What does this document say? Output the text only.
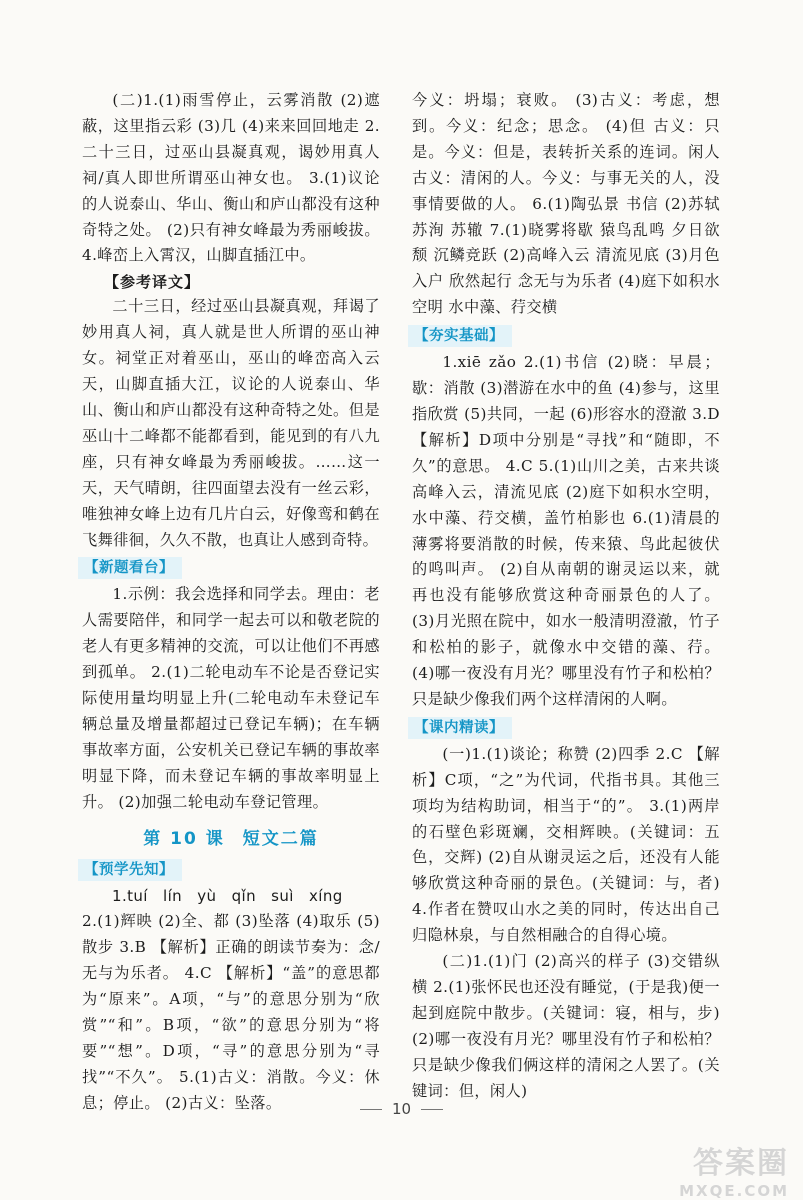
(二)1.(1)雨雪停止，云雾消散 (2)遮蔽，这里指云彩 (3)几 (4)来来回回地走 2.二十三日，过巫山县凝真观，谒妙用真人祠/真人即世所谓巫山神女也。 3.(1)议论的人说泰山、华山、衡山和庐山都没有这种奇特之处。 (2)只有神女峰最为秀丽峻拔。 4.峰峦上入霄汉，山脚直插江中。

【参考译文】

二十三日，经过巫山县凝真观，拜谒了妙用真人祠，真人就是世人所谓的巫山神女。祠堂正对着巫山，巫山的峰峦高入云天，山脚直插大江，议论的人说泰山、华山、衡山和庐山都没有这种奇特之处。但是巫山十二峰都不能都看到，能见到的有八九座，只有神女峰最为秀丽峻拔。……这一天，天气晴朗，往四面望去没有一丝云彩，唯独神女峰上边有几片白云，好像鸾和鹤在飞舞徘徊，久久不散，也真让人感到奇特。

【新题看台】

1.示例：我会选择和同学去。理由：老人需要陪伴，和同学一起去可以和敬老院的老人有更多精神的交流，可以让他们不再感到孤单。 2.(1)二轮电动车不论是否登记实际使用量均明显上升(二轮电动车未登记车辆总量及增量都超过已登记车辆)；在车辆事故率方面，公安机关已登记车辆的事故率明显下降，而未登记车辆的事故率明显上升。 (2)加强二轮电动车登记管理。

第 10 课 短文二篇
【预学先知】

1.tuí lín yù qǐn suì xíng

2.(1)辉映 (2)全、都 (3)坠落 (4)取乐 (5)散步 3.B 【解析】正确的朗读节奏为：念/无与为乐者。 4.C 【解析】“盖”的意思都为“原来”。A项，“与”的意思分别为“欣赏”“和”。B项，“欲”的意思分别为“将要”“想”。D项，“寻”的意思分别为“寻找”“不久”。 5.(1)古义：消散。今义：休息；停止。 (2)古义：坠落。

今义：坍塌；衰败。 (3)古义：考虑，想到。今义：纪念；思念。 (4)但 古义：只是。今义：但是，表转折关系的连词。闲人 古义：清闲的人。今义：与事无关的人，没事情要做的人。 6.(1)陶弘景 书信 (2)苏轼 苏洵 苏辙 7.(1)晓雾将歇 猿鸟乱鸣 夕日欲颓 沉鳞竞跃 (2)高峰入云 清流见底 (3)月色入户 欣然起行 念无与为乐者 (4)庭下如积水空明 水中藻、荇交横

【夯实基础】

1.xiē zǎo 2.(1)书信 (2)晓：早晨；歇：消散 (3)潜游在水中的鱼 (4)参与，这里指欣赏 (5)共同，一起 (6)形容水的澄澈 3.D 【解析】D项中分别是“寻找”和“随即，不久”的意思。 4.C 5.(1)山川之美，古来共谈 高峰入云，清流见底 (2)庭下如积水空明，水中藻、荇交横，盖竹柏影也 6.(1)清晨的薄雾将要消散的时候，传来猿、鸟此起彼伏的鸣叫声。 (2)自从南朝的谢灵运以来，就再也没有能够欣赏这种奇丽景色的人了。 (3)月光照在院中，如水一般清明澄澈，竹子和松柏的影子，就像水中交错的藻、荇。 (4)哪一夜没有月光？哪里没有竹子和松柏？只是缺少像我们两个这样清闲的人啊。

【课内精读】

(一)1.(1)谈论；称赞 (2)四季 2.C 【解析】C项，“之”为代词，代指书具。其他三项均为结构助词，相当于“的”。 3.(1)两岸的石壁色彩斑斓，交相辉映。(关键词：五色，交辉) (2)自从谢灵运之后，还没有人能够欣赏这种奇丽的景色。(关键词：与，者) 4.作者在赞叹山水之美的同时，传达出自己归隐林泉，与自然相融合的自得心境。

(二)1.(1)门 (2)高兴的样子 (3)交错纵横 2.(1)张怀民也还没有睡觉，(于是我)便一起到庭院中散步。(关键词：寝，相与，步) (2)哪一夜没有月光？哪里没有竹子和松柏？只是缺少像我们俩这样的清闲之人罢了。(关键词：但，闲人)

10
答案圈
MXQE.COM
